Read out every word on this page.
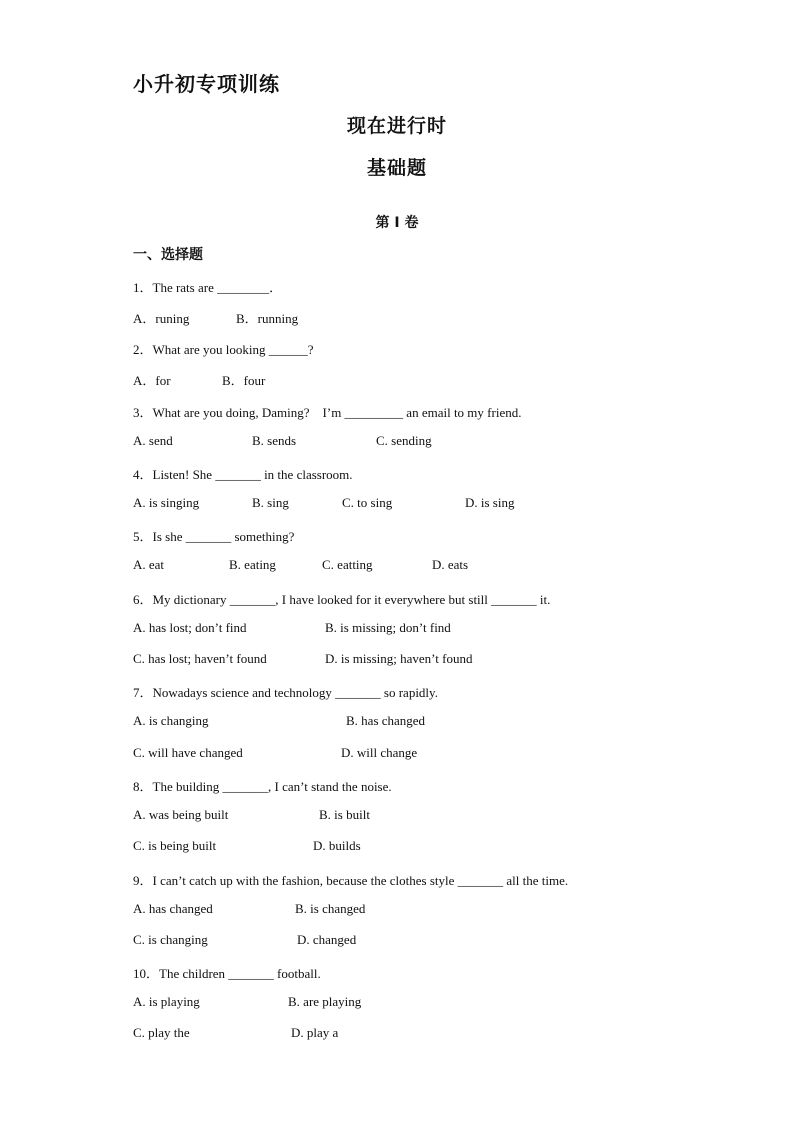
小升初专项训练
现在进行时
基础题
第 I 卷
一、选择题
1．The rats are ________．
A．runing	B．running
2．What are you looking ______?
A．for	B．four
3．What are you doing, Daming?    I’m _________ an email to my friend.
A. send	B. sends	C. sending
4．Listen! She _______ in the classroom.
A. is singing	B. sing	C. to sing	D. is sing
5．Is she _______ something?
A. eat	B. eating	C. eatting	D. eats
6．My dictionary _______, I have looked for it everywhere but still _______ it.
A. has lost; don’t find	B. is missing; don’t find
C. has lost; haven’t found	D. is missing; haven’t found
7．Nowadays science and technology _______ so rapidly.
A. is changing	B. has changed
C. will have changed	D. will change
8．The building _______, I can’t stand the noise.
A. was being built	B. is built
C. is being built	D. builds
9．I can’t catch up with the fashion, because the clothes style _______ all the time.
A. has changed	B. is changed
C. is changing	D. changed
10．The children _______ football.
A. is playing	B. are playing
C. play the	D. play a
